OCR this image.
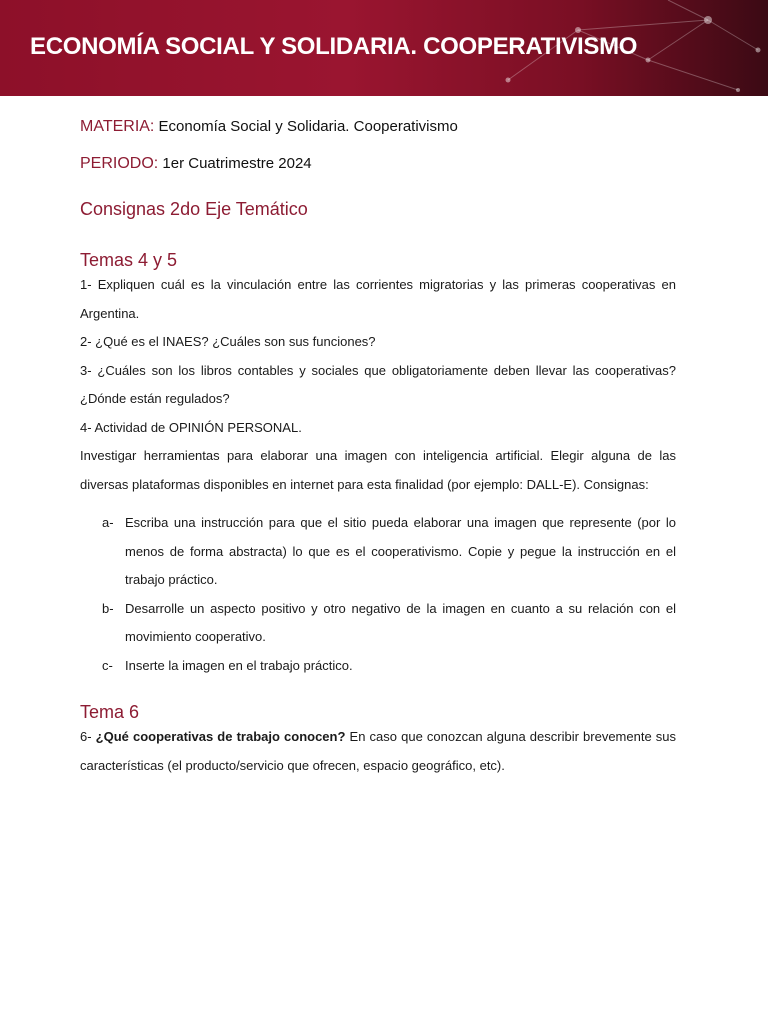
ECONOMÍA SOCIAL Y SOLIDARIA. COOPERATIVISMO

MATERIA: Economía Social y Solidaria. Cooperativismo

PERIODO: 1er Cuatrimestre 2024

Consignas 2do Eje Temático
Temas 4 y 5

1- Expliquen cuál es la vinculación entre las corrientes migratorias y las primeras cooperativas en Argentina.

2- ¿Qué es el INAES? ¿Cuáles son sus funciones?

3- ¿Cuáles son los libros contables y sociales que obligatoriamente deben llevar las cooperativas? ¿Dónde están regulados?

4- Actividad de OPINIÓN PERSONAL.

Investigar herramientas para elaborar una imagen con inteligencia artificial. Elegir alguna de las diversas plataformas disponibles en internet para esta finalidad (por ejemplo: DALL-E). Consignas:

a- Escriba una instrucción para que el sitio pueda elaborar una imagen que represente (por lo menos de forma abstracta) lo que es el cooperativismo. Copie y pegue la instrucción en el trabajo práctico.
b- Desarrolle un aspecto positivo y otro negativo de la imagen en cuanto a su relación con el movimiento cooperativo.
c- Inserte la imagen en el trabajo práctico.
Tema 6

6- ¿Qué cooperativas de trabajo conocen? En caso que conozcan alguna describir brevemente sus características (el producto/servicio que ofrecen, espacio geográfico, etc).
